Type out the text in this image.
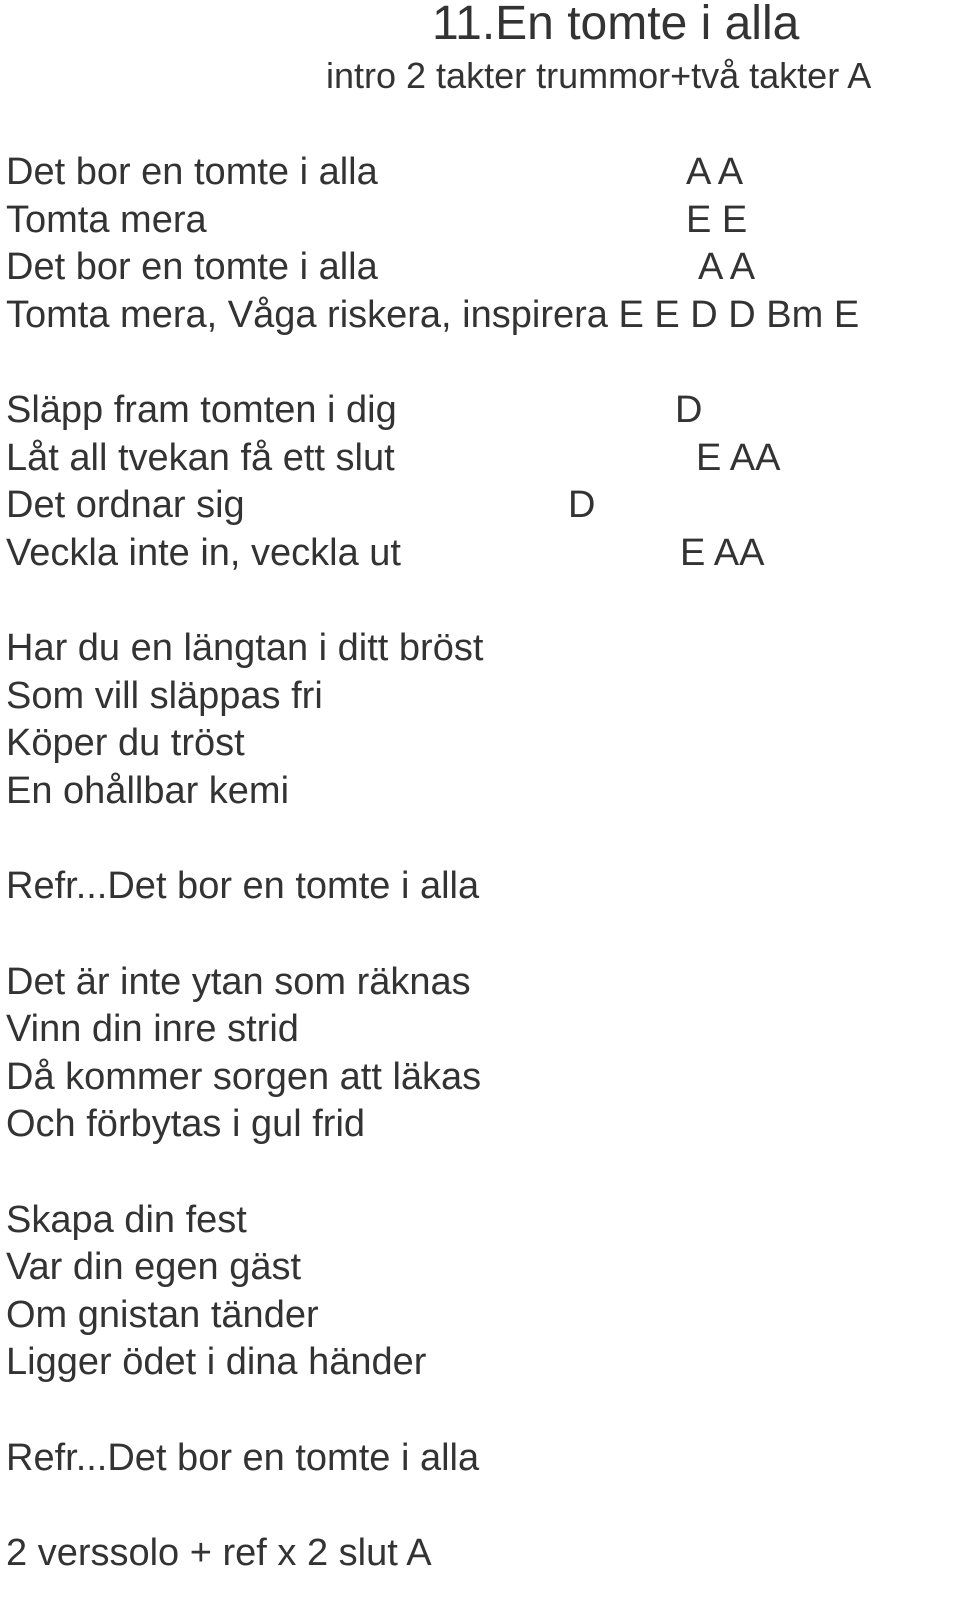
11.En tomte i alla
intro 2 takter trummor+två takter A
Det bor en tomte i alla	A A
Tomta mera	E E
Det bor en tomte i alla	A A
Tomta mera, Våga riskera, inspirera E E D D Bm E
Släpp fram tomten i dig	D
Låt all tvekan få ett slut	E AA
Det ordnar sig	D
Veckla inte in, veckla ut	E AA
Har du en längtan i ditt bröst
Som vill släppas fri
Köper du tröst
En ohållbar kemi
Refr...Det bor en tomte i alla
Det är inte ytan som räknas
Vinn din inre strid
Då kommer sorgen att läkas
Och förbytas i gul frid
Skapa din fest
Var din egen gäst
Om gnistan tänder
Ligger ödet i dina händer
Refr...Det bor en tomte i alla
2 verssolo + ref x 2 slut A
